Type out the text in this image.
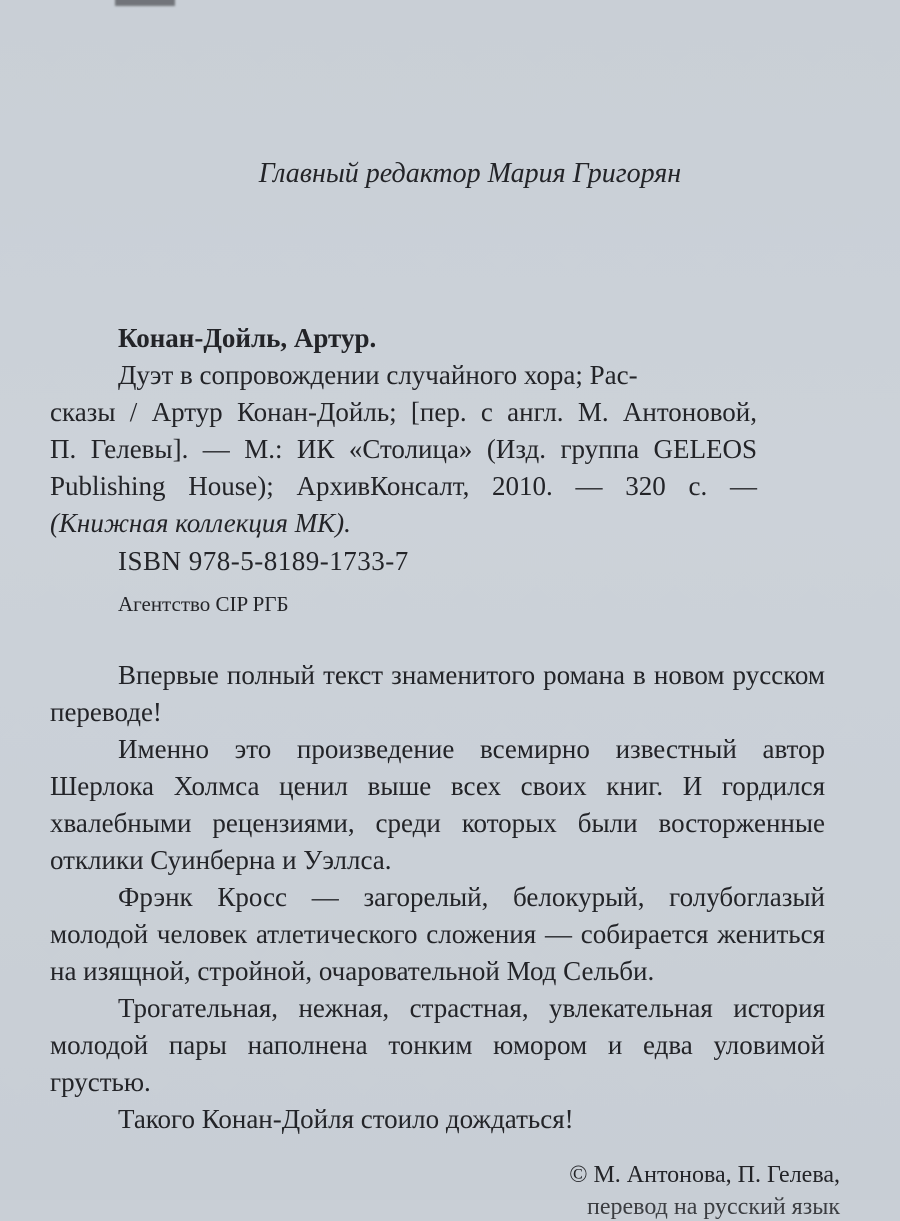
Главный редактор Мария Григорян

Конан-Дойль, Артур.

Дуэт в сопровождении случайного хора; Рас-
сказы / Артур Конан-Дойль; [пер. с англ. М. Антоновой,
П. Гелевы]. — М.: ИК «Столица» (Изд. группа GELEOS
Publishing House); АрхивКонсалт, 2010. — 320 с. —
(Книжная коллекция МК).

ISBN 978-5-8189-1733-7
Агентство CIP РГБ

Впервые полный текст знаменитого романа в новом русском переводе!

Именно это произведение всемирно известный автор Шерлока Холмса ценил выше всех своих книг. И гордился хвалебными рецензиями, среди которых были восторженные отклики Суинберна и Уэллса.

Фрэнк Кросс — загорелый, белокурый, голубоглазый молодой человек атлетического сложения — собирается жениться на изящной, стройной, очаровательной Мод Сельби.

Трогательная, нежная, страстная, увлекательная история молодой пары наполнена тонким юмором и едва уловимой грустью.

Такого Конан-Дойля стоило дождаться!

© М. Антонова, П. Гелева,
перевод на русский язык
